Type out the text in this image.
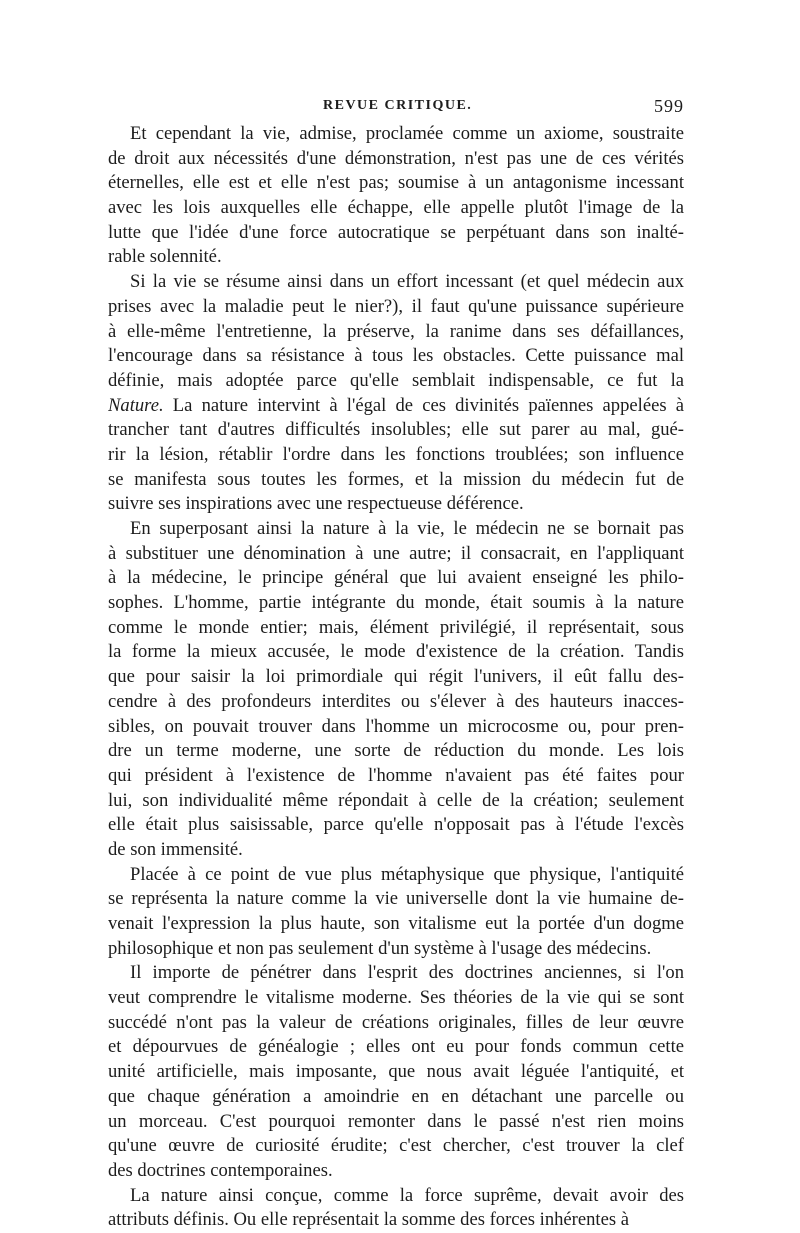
REVUE CRITIQUE.	599
Et cependant la vie, admise, proclamée comme un axiome, soustraite
de droit aux nécessités d'une démonstration, n'est pas une de ces vérités
éternelles, elle est et elle n'est pas; soumise à un antagonisme incessant
avec les lois auxquelles elle échappe, elle appelle plutôt l'image de la
lutte que l'idée d'une force autocratique se perpétuant dans son inalté-
rable solennité.
Si la vie se résume ainsi dans un effort incessant (et quel médecin aux
prises avec la maladie peut le nier?), il faut qu'une puissance supérieure
à elle-même l'entretienne, la préserve, la ranime dans ses défaillances,
l'encourage dans sa résistance à tous les obstacles. Cette puissance mal
définie, mais adoptée parce qu'elle semblait indispensable, ce fut la
Nature. La nature intervint à l'égal de ces divinités païennes appelées à
trancher tant d'autres difficultés insolubles; elle sut parer au mal, gué-
rir la lésion, rétablir l'ordre dans les fonctions troublées; son influence
se manifesta sous toutes les formes, et la mission du médecin fut de
suivre ses inspirations avec une respectueuse déférence.
En superposant ainsi la nature à la vie, le médecin ne se bornait pas
à substituer une dénomination à une autre; il consacrait, en l'appliquant
à la médecine, le principe général que lui avaient enseigné les philo-
sophes. L'homme, partie intégrante du monde, était soumis à la nature
comme le monde entier; mais, élément privilégié, il représentait, sous
la forme la mieux accusée, le mode d'existence de la création. Tandis
que pour saisir la loi primordiale qui régit l'univers, il eût fallu des-
cendre à des profondeurs interdites ou s'élever à des hauteurs inacces-
sibles, on pouvait trouver dans l'homme un microcosme ou, pour pren-
dre un terme moderne, une sorte de réduction du monde. Les lois
qui président à l'existence de l'homme n'avaient pas été faites pour
lui, son individualité même répondait à celle de la création; seulement
elle était plus saisissable, parce qu'elle n'opposait pas à l'étude l'excès
de son immensité.
Placée à ce point de vue plus métaphysique que physique, l'antiquité
se représenta la nature comme la vie universelle dont la vie humaine de-
venait l'expression la plus haute, son vitalisme eut la portée d'un dogme
philosophique et non pas seulement d'un système à l'usage des médecins.
Il importe de pénétrer dans l'esprit des doctrines anciennes, si l'on
veut comprendre le vitalisme moderne. Ses théories de la vie qui se sont
succédé n'ont pas la valeur de créations originales, filles de leur œuvre
et dépourvues de généalogie ; elles ont eu pour fonds commun cette
unité artificielle, mais imposante, que nous avait léguée l'antiquité, et
que chaque génération a amoindrie en en détachant une parcelle ou
un morceau. C'est pourquoi remonter dans le passé n'est rien moins
qu'une œuvre de curiosité érudite; c'est chercher, c'est trouver la clef
des doctrines contemporaines.
La nature ainsi conçue, comme la force suprême, devait avoir des
attributs définis. Ou elle représentait la somme des forces inhérentes à
